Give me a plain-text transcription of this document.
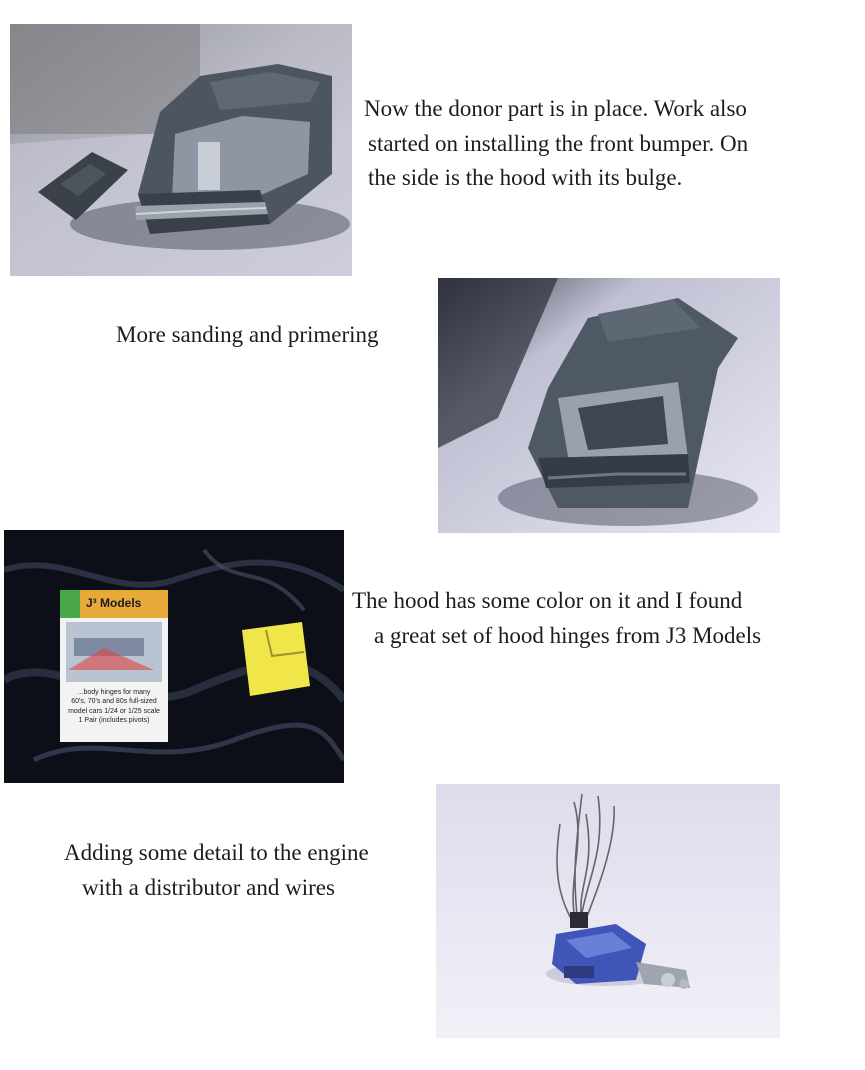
Now the donor part is in place. Work also
started on installing the front bumper. On
the side is the hood with its bulge.
More sanding and primering
J³ Models
...body hinges for many
60's, 70's and 80s full-sized
model cars 1/24 or 1/25 scale
1 Pair (includes pivots)
The hood has some color on it and I found
a great set of hood hinges from J3 Models
Adding some detail to the engine
with a distributor and wires
